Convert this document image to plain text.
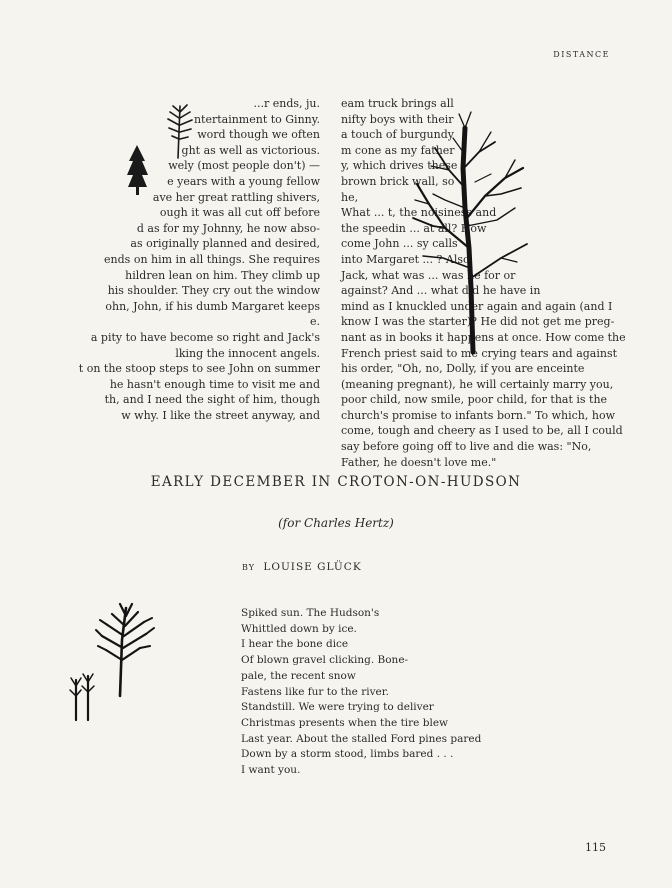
DISTANCE
...r ends, ju.
ntertainment to Ginny.
word though we often
ght as well as victorious.
wely (most people don't) —
e years with a young fellow
ave her great rattling shivers,
ough it was all cut off before
d as for my Johnny, he now abso-
as originally planned and desired,
ends on him in all things. She requires
hildren lean on him. They climb up
his shoulder. They cry out the window
ohn, John, if his dumb Margaret keeps
e.
a pity to have become so right and Jack's
lking the innocent angels.
t on the stoop steps to see John on summer
he hasn't enough time to visit me and
th, and I need the sight of him, though
w why. I like the street anyway, and
eam truck brings all
nifty boys with their
a touch of burgundy
m cone as my father
y, which drives these
brown brick wall, so
he,
What ... t, the noisiness and
the speedin ... at all? How
come John ... sy calls
into Margaret ... ? Also,
Jack, what was ... was he for or
against? And ... what did he have in
mind as I knuckled under again and again (and I
know I was the starter)? He did not get me preg-
nant as in books it happens at once. How come the
French priest said to me crying tears and against
his order, "Oh, no, Dolly, if you are enceinte
(meaning pregnant), he will certainly marry you,
poor child, now smile, poor child, for that is the
church's promise to infants born." To which, how
come, tough and cheery as I used to be, all I could
say before going off to live and die was: "No,
Father, he doesn't love me."
EARLY DECEMBER IN CROTON-ON-HUDSON
(for Charles Hertz)
BY LOUISE GLÜCK
Spiked sun. The Hudson's
Whittled down by ice.
I hear the bone dice
Of blown gravel clicking. Bone-
pale, the recent snow
Fastens like fur to the river.
Standstill. We were trying to deliver
Christmas presents when the tire blew
Last year. About the stalled Ford pines pared
Down by a storm stood, limbs bared . . .
I want you.
115
